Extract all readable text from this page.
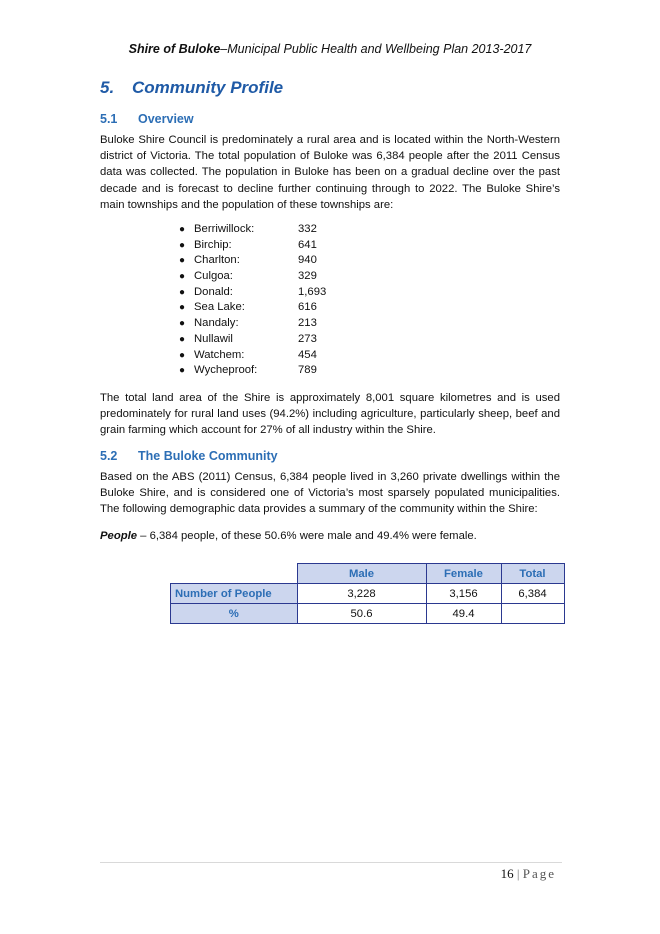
Shire of Buloke–Municipal Public Health and Wellbeing Plan 2013-2017
5. Community Profile
5.1 Overview
Buloke Shire Council is predominately a rural area and is located within the North-Western district of Victoria. The total population of Buloke was 6,384 people after the 2011 Census data was collected. The population in Buloke has been on a gradual decline over the past decade and is forecast to decline further continuing through to 2022. The Buloke Shire’s main townships and the population of these townships are:
● Berriwillock:	332
● Birchip:	641
● Charlton:	940
● Culgoa:	329
● Donald:	1,693
● Sea Lake:	616
● Nandaly:	213
● Nullawil	273
● Watchem:	454
● Wycheproof:	789
The total land area of the Shire is approximately 8,001 square kilometres and is used predominately for rural land uses (94.2%) including agriculture, particularly sheep, beef and grain farming which account for 27% of all industry within the Shire.
5.2 The Buloke Community
Based on the ABS (2011) Census, 6,384 people lived in 3,260 private dwellings within the Buloke Shire, and is considered one of Victoria’s most sparsely populated municipalities. The following demographic data provides a summary of the community within the Shire:
People – 6,384 people, of these 50.6% were male and 49.4% were female.
	Male	Female	Total
Number of People	3,228	3,156	6,384
%	50.6	49.4	
16 | Page
